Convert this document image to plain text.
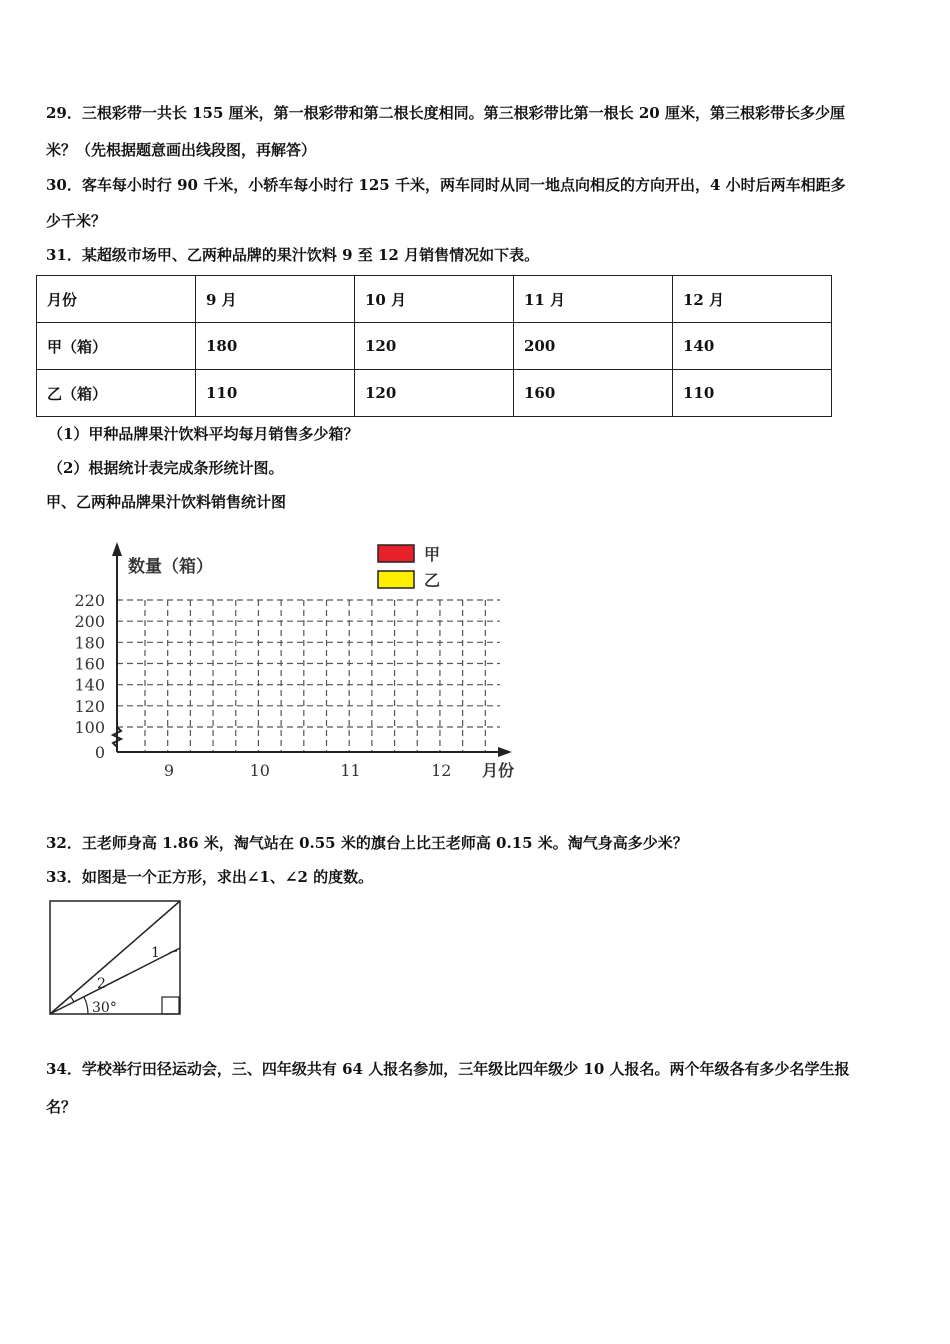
29．三根彩带一共长 155 厘米，第一根彩带和第二根长度相同。第三根彩带比第一根长 20 厘米，第三根彩带长多少厘
米？（先根据题意画出线段图，再解答）
30．客车每小时行 90 千米，小轿车每小时行 125 千米，两车同时从同一地点向相反的方向开出，4 小时后两车相距多
少千米？
31．某超级市场甲、乙两种品牌的果汁饮料 9 至 12 月销售情况如下表。
月份	9 月	10 月	11 月	12 月
甲（箱）	180	120	200	140
乙（箱）	110	120	160	110
（1）甲种品牌果汁饮料平均每月销售多少箱？
（2）根据统计表完成条形统计图。
甲、乙两种品牌果汁饮料销售统计图
0
100
120
140
160
180
200
220
9	10	11	12
数量（箱）
月份
甲
乙
32．王老师身高 1.86 米，淘气站在 0.55 米的旗台上比王老师高 0.15 米。淘气身高多少米？
33．如图是一个正方形，求出∠1、∠2 的度数。
1
2
30°
34．学校举行田径运动会，三、四年级共有 64 人报名参加，三年级比四年级少 10 人报名。两个年级各有多少名学生报
名？
